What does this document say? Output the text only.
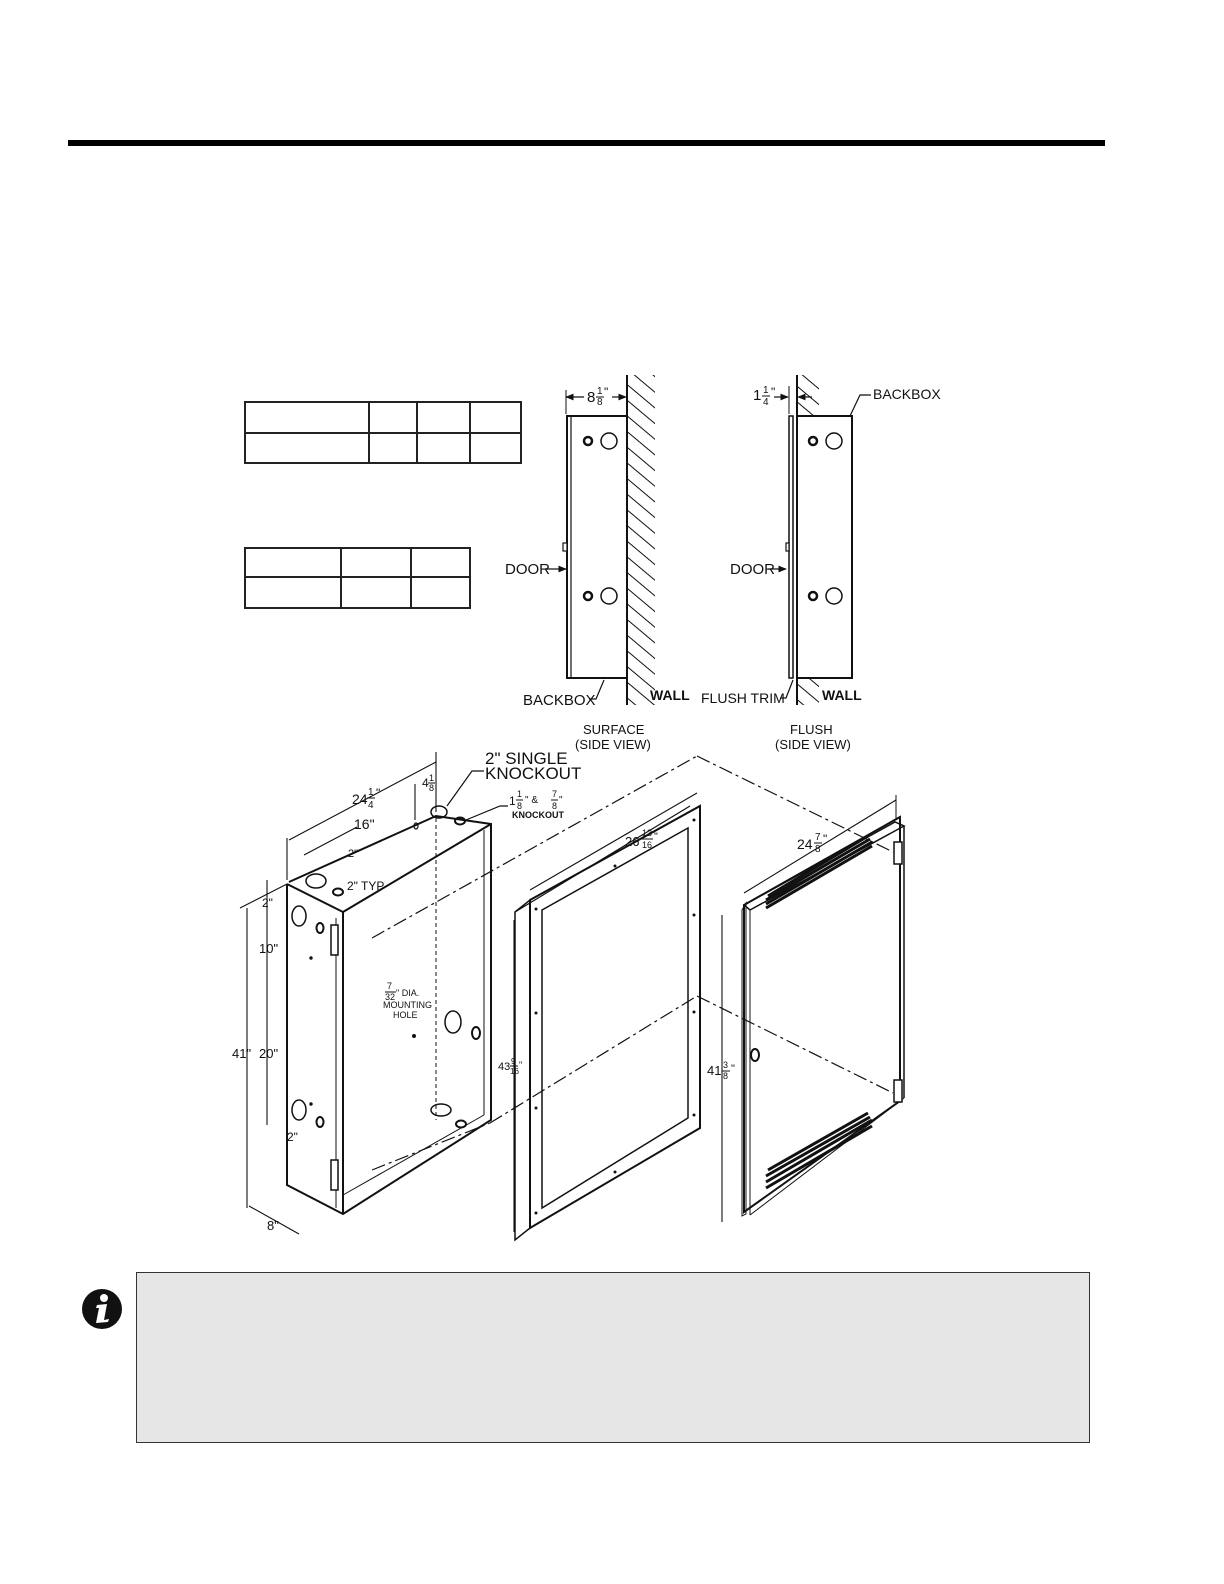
8 1
8
"
DOOR
BACKBOX	WALL
SURFACE
(SIDE VIEW)
1 1
4
"	BACKBOX
DOOR
FLUSH TRIM	WALL
FLUSH
(SIDE VIEW)
24 1
4
"
4 1
8
2" SINGLE
KNOCKOUT
1 1
8 " &
7
8 "
KNOCKOUT
16"
2"
2" TYP
2"
10"
41" 20"
2"
8"
7
32 " DIA.
MOUNTING
HOLE
26
13
16
"
43 9
16
"
24 7
8
"
41 3
8
"
